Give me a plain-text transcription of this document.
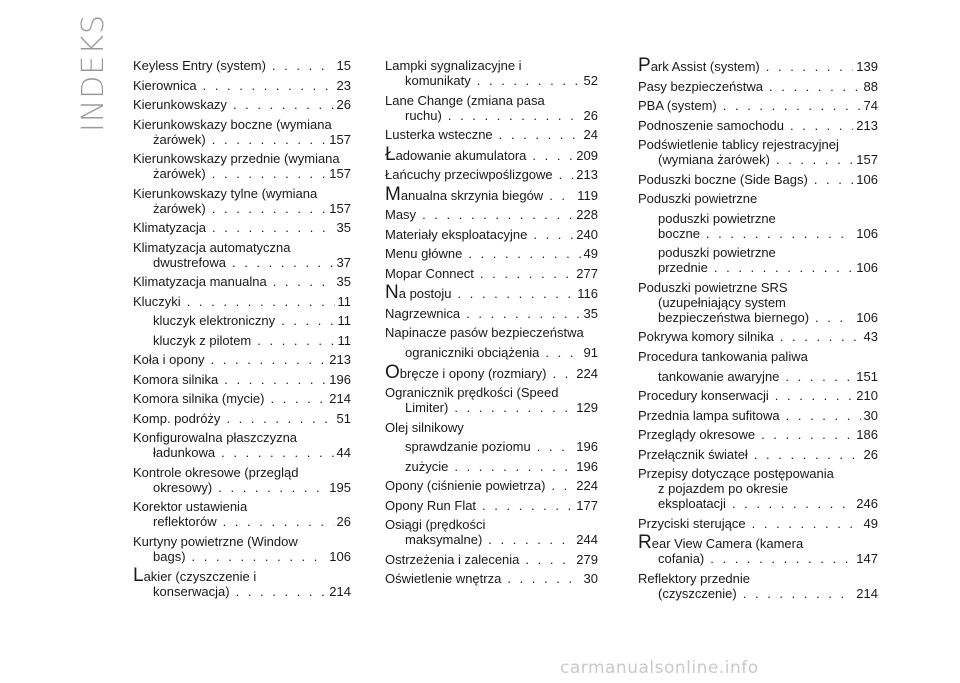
INDEKS Keyless Entry (system) . . .	15
Kierownica . . .	23
Kierunkowskazy . . .	26
Kierunkowskazy boczne (wymiana
żarówek) . . .	157
Kierunkowskazy przednie (wymiana
żarówek) . . .	157
Kierunkowskazy tylne (wymiana
żarówek) . . .	157
Klimatyzacja . . .	35
Klimatyzacja automatyczna
dwustrefowa . . .	37
Klimatyzacja manualna . . .	35
Kluczyki . . .	11
kluczyk elektroniczny . . .	11
kluczyk z pilotem . . .	11
Koła i opony . . .	213
Komora silnika . . .	196
Komora silnika (mycie) . . .	214
Komp. podróży . . .	51
Konfigurowalna płaszczyzna
ładunkowa . . .	44
Kontrole okresowe (przegląd
okresowy) . . .	195
Korektor ustawienia
reflektorów . . .	26
Kurtyny powietrzne (Window
bags) . . .	106
Lakier (czyszczenie i
konserwacja) . . .	214
Lampki sygnalizacyjne i
komunikaty . . .	52
Lane Change (zmiana pasa
ruchu) . . .	26
Lusterka wsteczne . . .	24
Ładowanie akumulatora . . .	209
Łańcuchy przeciwpoślizgowe . . . 213
Manualna skrzynia biegów . . .	119
Masy . . .	228
Materiały eksploatacyjne . . .	240
Menu główne . . .	49
Mopar Connect . . .	277
Na postoju . . .	116
Nagrzewnica . . .	35
Napinacze pasów bezpieczeństwa
ograniczniki obciążenia . . .	91
Obręcze i opony (rozmiary) . . . 224
Ogranicznik prędkości (Speed
Limiter) . . .	129
Olej silnikowy
sprawdzanie poziomu . . .	196
zużycie . . .	196
Opony (ciśnienie powietrza) . . . 224
Opony Run Flat . . .	177
Osiągi (prędkości
maksymalne) . . .	244
Ostrzeżenia i zalecenia . . .	279
Oświetlenie wnętrza . . .	30
Park Assist (system) . . .	139
Pasy bezpieczeństwa . . .	88
PBA (system) . . .	74
Podnoszenie samochodu . . .	213
Podświetlenie tablicy rejestracyjnej
(wymiana żarówek) . . .	157
Poduszki boczne (Side Bags) . . .	106
Poduszki powietrzne
poduszki powietrzne
boczne . . .	106
poduszki powietrzne
przednie . . .	106
Poduszki powietrzne SRS
(uzupełniający system
bezpieczeństwa biernego) . . .	106
Pokrywa komory silnika . . .	43
Procedura tankowania paliwa
tankowanie awaryjne . . .	151
Procedury konserwacji . . .	210
Przednia lampa sufitowa . . .	30
Przeglądy okresowe . . .	186
Przełącznik świateł . . .	26
Przepisy dotyczące postępowania
z pojazdem po okresie
eksploatacji . . .	246
Przyciski sterujące . . .	49
Rear View Camera (kamera
cofania) . . .	147
Reflektory przednie
(czyszczenie) . . .	214
carmanualsonline.info
